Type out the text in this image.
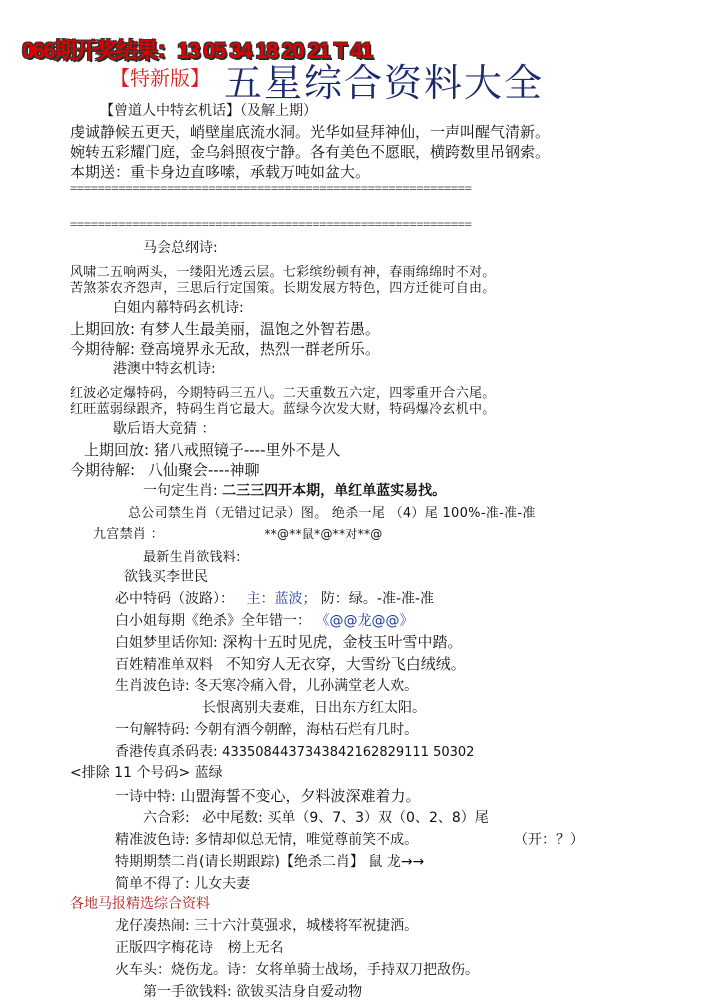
066期开奖结果：13 05 34 18 20 21 T 41
【特新版】 五星综合资料大全
【曾道人中特玄机话】（及解上期）
虔诚静候五更天，峭壁崖底流水洞。光华如昼拜神仙，一声叫醒气清新。
婉转五彩耀门庭，金乌斜照夜宁静。各有美色不愿眠，横跨数里吊钢索。
本期送：重卡身边直哆嗦，承载万吨如盆大。
==========================================================
==========================================================
马会总纲诗:
风啸二五响两头，一缕阳光透云层。七彩缤纷顿有神，春雨绵绵时不对。
苦煞茶农齐怨声，三思后行定国策。长期发展方特色，四方迁徙可自由。
白姐内幕特码玄机诗:
上期回放: 有梦人生最美丽，温饱之外智若愚。
今期待解: 登高境界永无敌，热烈一群老所乐。
港澳中特玄机诗:
红波必定爆特码，今期特码三五八。二天重数五六定，四零重开合六尾。
红旺蓝弱绿跟齐，特码生肖它最大。蓝绿今次发大财，特码爆冷玄机中。
歇后语大竞猜 ：
上期回放: 猪八戒照镜子----里外不是人
今期待解: 八仙聚会----神聊
一句定生肖: 二三三四开本期，单红单蓝实易找。
总公司禁生肖（无错过记录）图。 绝杀一尾 （4）尾 100%-准-准-准
九宫禁肖 ：	**@**鼠*@**对**@
最新生肖欲钱料:
欲钱买李世民
必中特码（波路）： 主：蓝波； 防：绿。-准-准-准
白小姐每期《绝杀》全年错一： 《@@龙@@》
白姐梦里话你知: 深构十五时见虎，金枝玉叶雪中踏。
百姓精准单双料 不知穷人无衣穿，大雪纷飞白绒绒。
生肖波色诗: 冬天寒冷痛入骨，儿孙满堂老人欢。
长恨离别夫妻难，日出东方红太阳。
一句解特码: 今朝有酒今朝醉，海枯石烂有几时。
香港传真杀码表: 4335084437343842162829111 50302
<排除 11 个号码> 蓝绿
一诗中特: 山盟海誓不变心，夕料波深难着力。
六合彩: 必中尾数: 买单（9、7、3）双（0、2、8）尾
精准波色诗: 多情却似总无情，唯觉尊前笑不成。	（开：？）
特期期禁二肖(请长期跟踪)【绝杀二肖】 鼠 龙→→
简单不得了: 儿女夫妻
各地马报精选综合资料
龙仔凑热闹: 三十六汁莫强求，城楼将军祝捷洒。
正版四字梅花诗 榜上无名
火车头：烧伤龙。诗：女将单骑士战场，手持双刀把敌伤。
第一手欲钱料: 欲钹买洁身自爱动物
